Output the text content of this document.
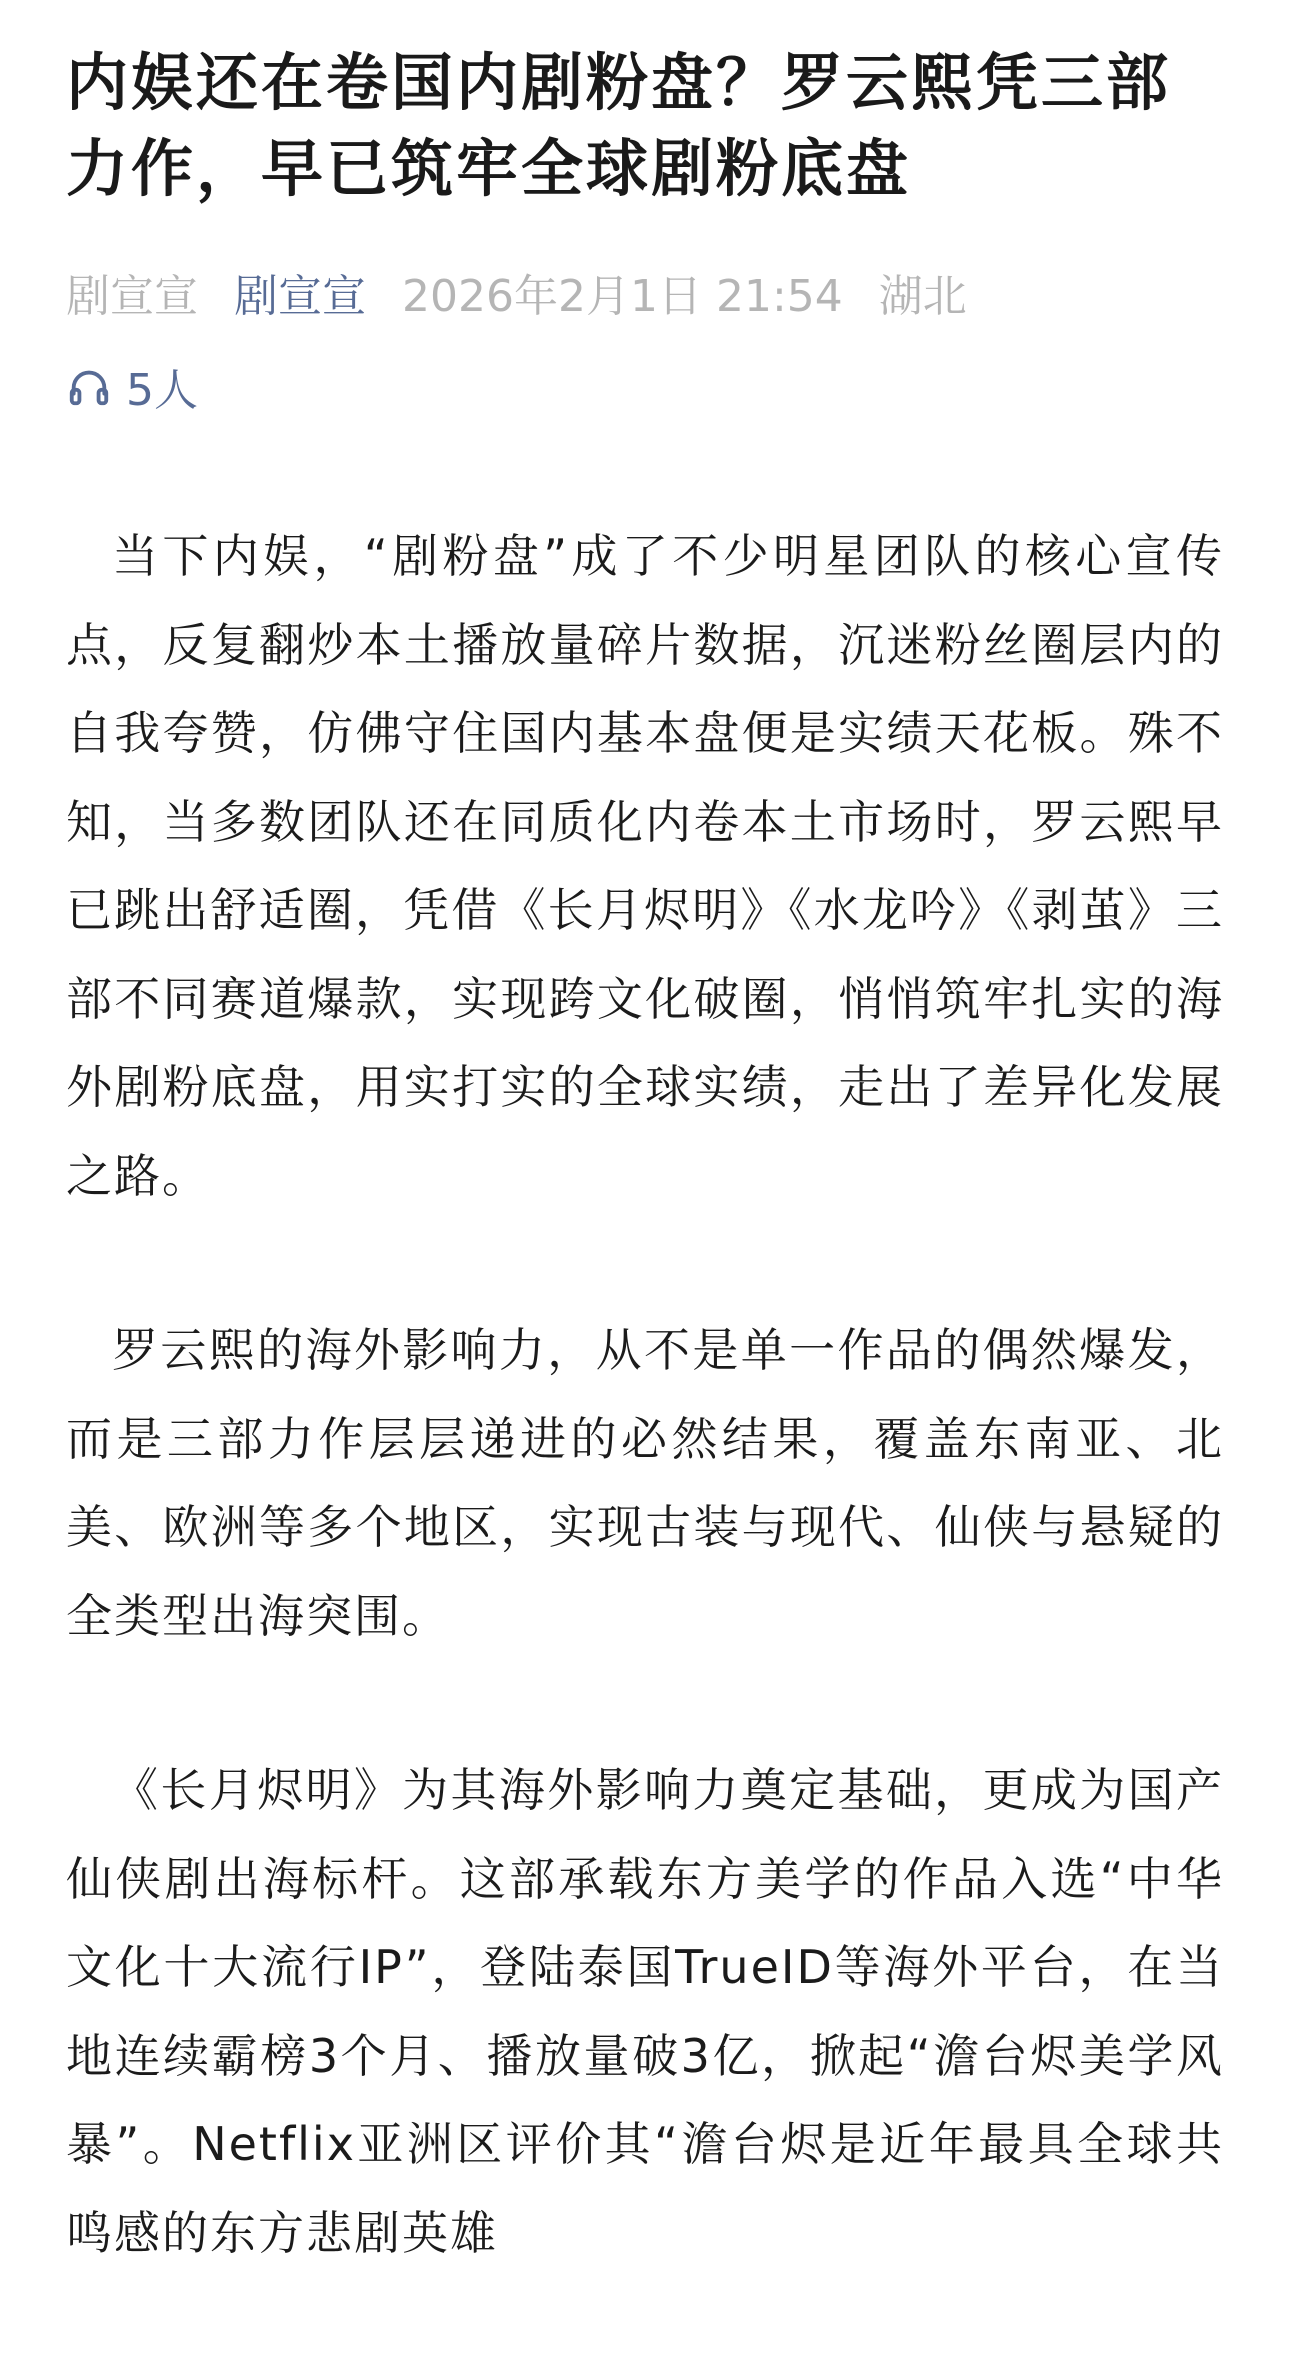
内娱还在卷国内剧粉盘？罗云熙凭三部力作，早已筑牢全球剧粉底盘
剧宣宣 剧宣宣 2026年2月1日 21:54 湖北
5人

当下内娱，“剧粉盘”成了不少明星团队的核心宣传点，反复翻炒本土播放量碎片数据，沉迷粉丝圈层内的自我夸赞，仿佛守住国内基本盘便是实绩天花板。殊不知，当多数团队还在同质化内卷本土市场时，罗云熙早已跳出舒适圈，凭借《长月烬明》《水龙吟》《剥茧》三部不同赛道爆款，实现跨文化破圈，悄悄筑牢扎实的海外剧粉底盘，用实打实的全球实绩，走出了差异化发展之路。

罗云熙的海外影响力，从不是单一作品的偶然爆发，而是三部力作层层递进的必然结果，覆盖东南亚、北美、欧洲等多个地区，实现古装与现代、仙侠与悬疑的全类型出海突围。

《长月烬明》为其海外影响力奠定基础，更成为国产仙侠剧出海标杆。这部承载东方美学的作品入选“中华文化十大流行IP”，登陆泰国TrueID等海外平台，在当地连续霸榜3个月、播放量破3亿，掀起“澹台烬美学风暴”。Netflix亚洲区评价其“澹台烬是近年最具全球共鸣感的东方悲剧英雄
